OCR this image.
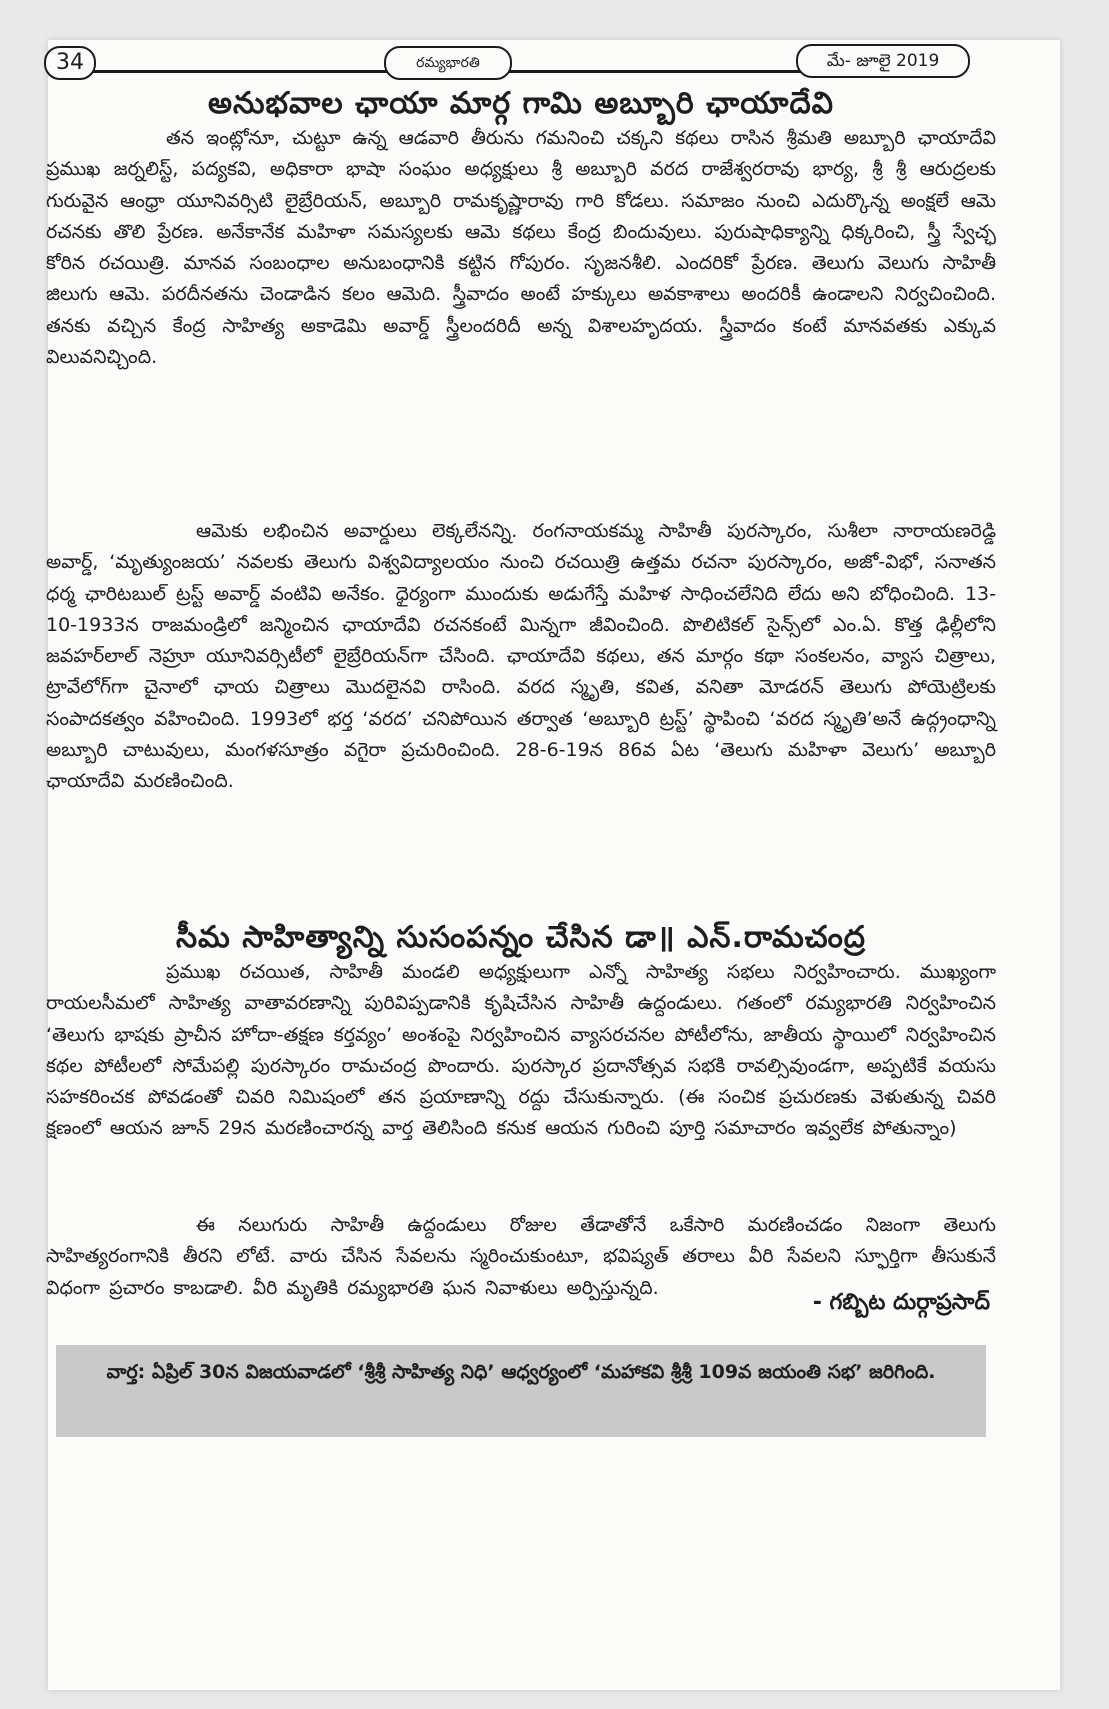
34	రమ్యభారతి	మే- జూలై 2019
అనుభవాల ఛాయా మార్గ గామి అబ్బూరి ఛాయాదేవి

తన ఇంట్లోనూ, చుట్టూ ఉన్న ఆడవారి తీరును గమనించి చక్కని కథలు రాసిన శ్రీమతి అబ్బూరి ఛాయాదేవి ప్రముఖ జర్నలిస్ట్, పద్యకవి, అధికారా భాషా సంఘం అధ్యక్షులు శ్రీ అబ్బూరి వరద రాజేశ్వరరావు భార్య, శ్రీ శ్రీ ఆరుద్రలకు గురువైన ఆంధ్రా యూనివర్సిటి లైబ్రేరియన్, అబ్బూరి రామకృష్ణారావు గారి కోడలు. సమాజం నుంచి ఎదుర్కొన్న అంక్షలే ఆమె రచనకు తొలి ప్రేరణ. అనేకానేక మహిళా సమస్యలకు ఆమె కథలు కేంద్ర బిందువులు. పురుషాధిక్యాన్ని ధిక్కరించి, స్త్రీ స్వేచ్ఛ కోరిన రచయిత్రి. మానవ సంబంధాల అనుబంధానికి కట్టిన గోపురం. సృజనశీలి. ఎందరికో ప్రేరణ. తెలుగు వెలుగు సాహితీ జిలుగు ఆమె. పరదీనతను చెండాడిన కలం ఆమెది. స్త్రీవాదం అంటే హక్కులు అవకాశాలు అందరికీ ఉండాలని నిర్వచించింది. తనకు వచ్చిన కేంద్ర సాహిత్య అకాడెమి అవార్డ్ స్త్రీలందరిదీ అన్న విశాలహృదయ. స్త్రీవాదం కంటే మానవతకు ఎక్కువ విలువనిచ్చింది.

ఆమెకు లభించిన అవార్డులు లెక్కలేనన్ని. రంగనాయకమ్మ సాహితీ పురస్కారం, సుశీలా నారాయణరెడ్డి అవార్డ్, ‘మృత్యుంజయ’ నవలకు తెలుగు విశ్వవిద్యాలయం నుంచి రచయిత్రి ఉత్తమ రచనా పురస్కారం, అజో-విభో, సనాతన ధర్మ ఛారిటబుల్ ట్రస్ట్ అవార్డ్ వంటివి అనేకం. ధైర్యంగా ముందుకు అడుగేస్తే మహిళ సాధించలేనిది లేదు అని బోధించింది. 13-10-1933న రాజమండ్రిలో జన్మించిన ఛాయాదేవి రచనకంటే మిన్నగా జీవించింది. పొలిటికల్ సైన్స్‌లో ఎం.ఏ. కొత్త ఢిల్లీలోని జవహర్‌లాల్ నెహ్రూ యూనివర్సిటీలో లైబ్రేరియన్‌గా చేసింది. ఛాయాదేవి కథలు, తన మార్గం కథా సంకలనం, వ్యాస చిత్రాలు, ట్రావేలోగ్‌గా చైనాలో ఛాయ చిత్రాలు మొదలైనవి రాసింది. వరద స్మృతి, కవిత, వనితా మోడరన్ తెలుగు పోయెట్రిలకు సంపాదకత్వం వహించింది. 1993లో భర్త ‘వరద’ చనిపోయిన తర్వాత ‘అబ్బూరి ట్రస్ట్’ స్థాపించి ‘వరద స్మృతి’అనే ఉద్గ్రంధాన్ని అబ్బూరి చాటువులు, మంగళసూత్రం వగైరా ప్రచురించింది. 28-6-19న 86వ ఏట ‘తెలుగు మహిళా వెలుగు’ అబ్బూరి ఛాయాదేవి మరణించింది.

సీమ సాహిత్యాన్ని సుసంపన్నం చేసిన డా॥ ఎన్.రామచంద్ర

ప్రముఖ రచయిత, సాహితీ మండలి అధ్యక్షులుగా ఎన్నో సాహిత్య సభలు నిర్వహించారు. ముఖ్యంగా రాయలసీమలో సాహిత్య వాతావరణాన్ని పురివిప్పడానికి కృషిచేసిన సాహితీ ఉద్దండులు. గతంలో రమ్యభారతి నిర్వహించిన ‘తెలుగు భాషకు ప్రాచీన హోదా-తక్షణ కర్తవ్యం’ అంశంపై నిర్వహించిన వ్యాసరచనల పోటీలోను, జాతీయ స్థాయిలో నిర్వహించిన కథల పోటీలలో సోమేపల్లి పురస్కారం రామచంద్ర పొందారు. పురస్కార ప్రదానోత్సవ సభకి రావల్సివుండగా, అప్పటికే వయసు సహకరించక పోవడంతో చివరి నిమిషంలో తన ప్రయాణాన్ని రద్దు చేసుకున్నారు. (ఈ సంచిక ప్రచురణకు వెళుతున్న చివరి క్షణంలో ఆయన జూన్ 29న మరణించారన్న వార్త తెలిసింది కనుక ఆయన గురించి పూర్తి సమాచారం ఇవ్వలేక పోతున్నాం)

ఈ నలుగురు సాహితీ ఉద్దండులు రోజుల తేడాతోనే ఒకేసారి మరణించడం నిజంగా తెలుగు సాహిత్యరంగానికి తీరని లోటే. వారు చేసిన సేవలను స్మరించుకుంటూ, భవిష్యత్ తరాలు వీరి సేవలని స్ఫూర్తిగా తీసుకునే విధంగా ప్రచారం కాబడాలి. వీరి మృతికి రమ్యభారతి ఘన నివాళులు అర్పిస్తున్నది.

- గబ్బిట దుర్గాప్రసాద్

వార్త: ఏప్రిల్ 30న విజయవాడలో ‘శ్రీశ్రీ సాహిత్య నిధి’ ఆధ్వర్యంలో ‘మహాకవి శ్రీశ్రీ 109వ జయంతి సభ’ జరిగింది.
